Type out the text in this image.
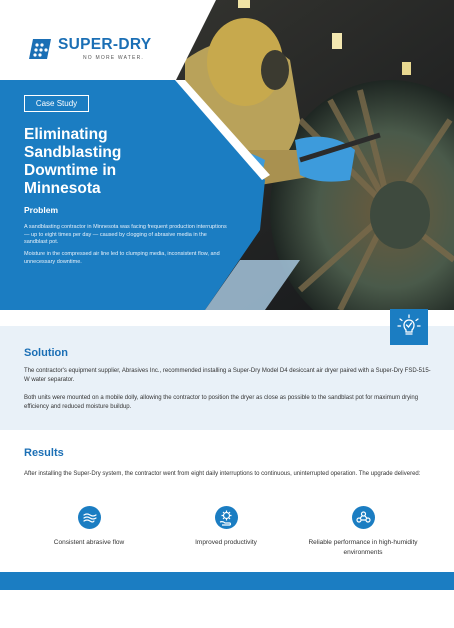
SUPER-DRY
NO MORE WATER.
Case Study
Eliminating
Sandblasting
Downtime in
Minnesota
Problem
A sandblasting contractor in Minnesota was facing frequent production interruptions — up to eight times per day — caused by clogging of abrasive media in the sandblast pot.
Moisture in the compressed air line led to clumping media, inconsistent flow, and unnecessary downtime.
Solution
The contractor's equipment supplier, Abrasives Inc., recommended installing a Super-Dry Model D4 desiccant air dryer paired with a Super-Dry FSD-515-W water separator.
Both units were mounted on a mobile dolly, allowing the contractor to position the dryer as close as possible to the sandblast pot for maximum drying efficiency and reduced moisture buildup.
Results
After installing the Super-Dry system, the contractor went from eight daily interruptions to continuous, uninterrupted operation. The upgrade delivered:
Consistent abrasive flow	Improved productivity	Reliable performance in high-humidity environments
